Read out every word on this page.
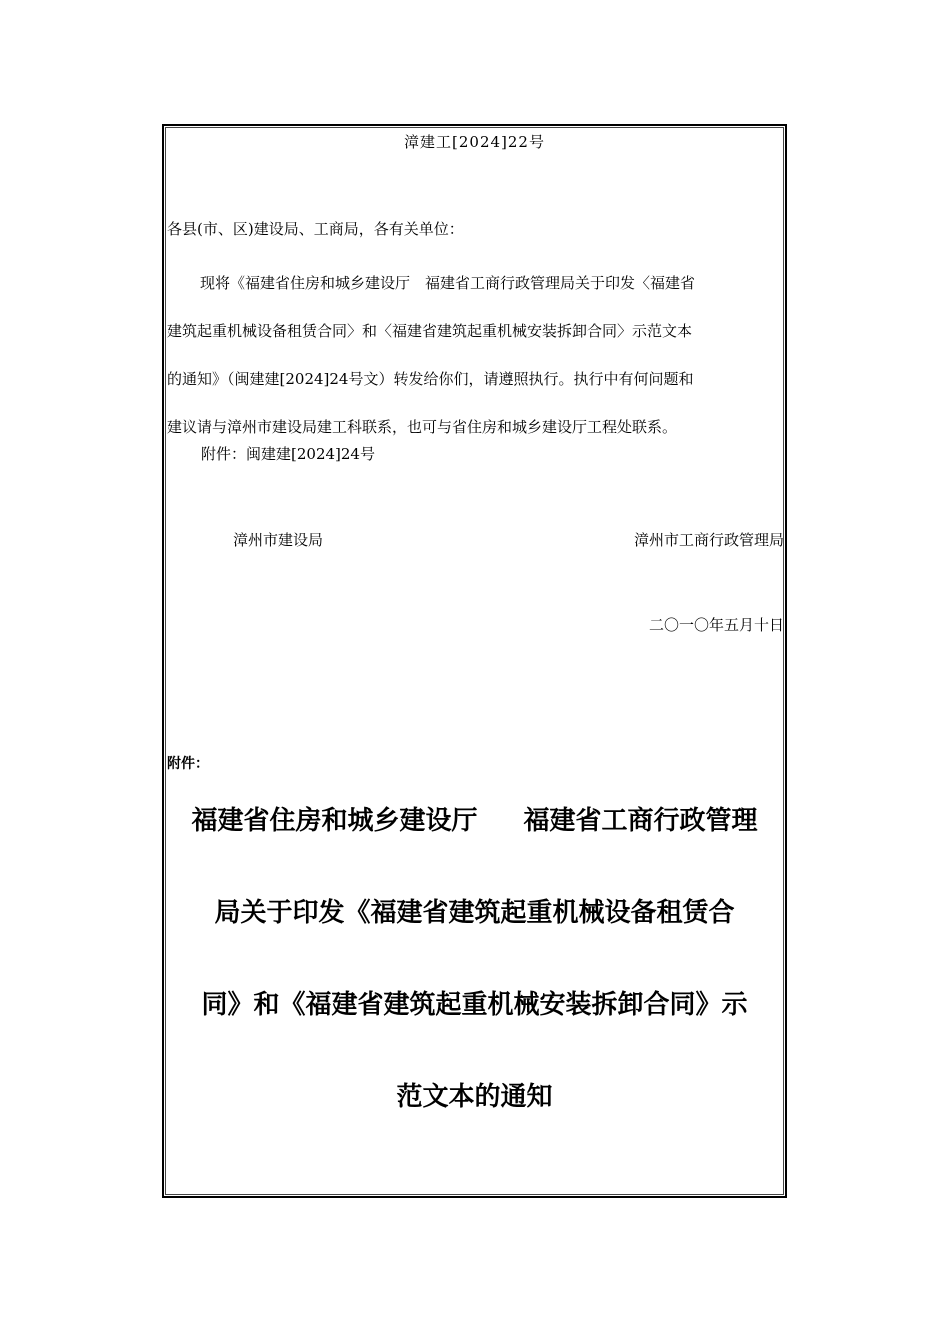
漳建工[2024]22号
各县(市、区)建设局、工商局，各有关单位：
现将《福建省住房和城乡建设厅　福建省工商行政管理局关于印发〈福建省
建筑起重机械设备租赁合同〉和〈福建省建筑起重机械安装拆卸合同〉示范文本
的通知》（闽建建[2024]24号文）转发给你们，请遵照执行。执行中有何问题和
建议请与漳州市建设局建工科联系，也可与省住房和城乡建设厅工程处联系。
附件：闽建建[2024]24号
漳州市建设局	漳州市工商行政管理局
二〇一〇年五月十日
附件：
福建省住房和城乡建设厅 福建省工商行政管理
局关于印发《福建省建筑起重机械设备租赁合
同》和《福建省建筑起重机械安装拆卸合同》示
范文本的通知
